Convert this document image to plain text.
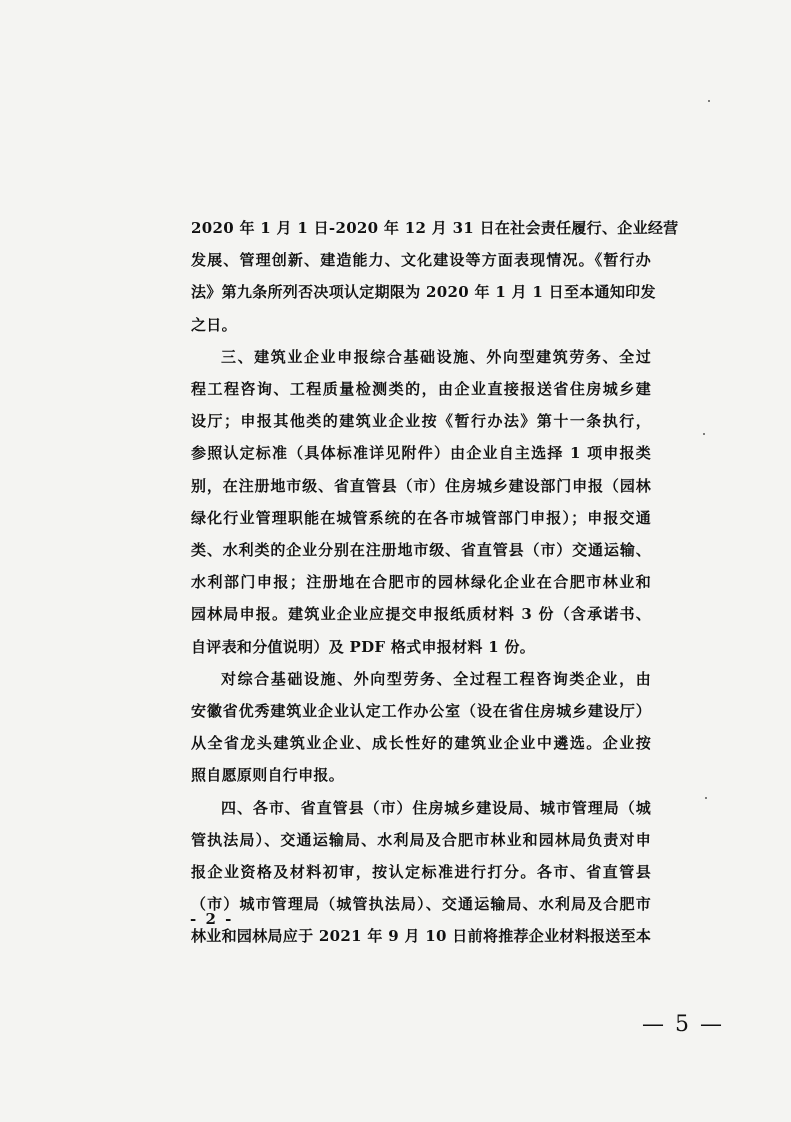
2020 年 1 月 1 日-2020 年 12 月 31 日在社会责任履行、企业经营
发展、管理创新、建造能力、文化建设等方面表现情况。《暂行办
法》第九条所列否决项认定期限为 2020 年 1 月 1 日至本通知印发
之日。

三、建筑业企业申报综合基础设施、外向型建筑劳务、全过
程工程咨询、工程质量检测类的，由企业直接报送省住房城乡建
设厅；申报其他类的建筑业企业按《暂行办法》第十一条执行，
参照认定标准（具体标准详见附件）由企业自主选择 1 项申报类
别，在注册地市级、省直管县（市）住房城乡建设部门申报（园林
绿化行业管理职能在城管系统的在各市城管部门申报）；申报交通
类、水利类的企业分别在注册地市级、省直管县（市）交通运输、
水利部门申报；注册地在合肥市的园林绿化企业在合肥市林业和
园林局申报。建筑业企业应提交申报纸质材料 3 份（含承诺书、
自评表和分值说明）及 PDF 格式申报材料 1 份。

对综合基础设施、外向型劳务、全过程工程咨询类企业，由
安徽省优秀建筑业企业认定工作办公室（设在省住房城乡建设厅）
从全省龙头建筑业企业、成长性好的建筑业企业中遴选。企业按
照自愿原则自行申报。

四、各市、省直管县（市）住房城乡建设局、城市管理局（城
管执法局）、交通运输局、水利局及合肥市林业和园林局负责对申
报企业资格及材料初审，按认定标准进行打分。各市、省直管县
（市）城市管理局（城管执法局）、交通运输局、水利局及合肥市
林业和园林局应于 2021 年 9 月 10 日前将推荐企业材料报送至本

- 2 -
— 5 —
